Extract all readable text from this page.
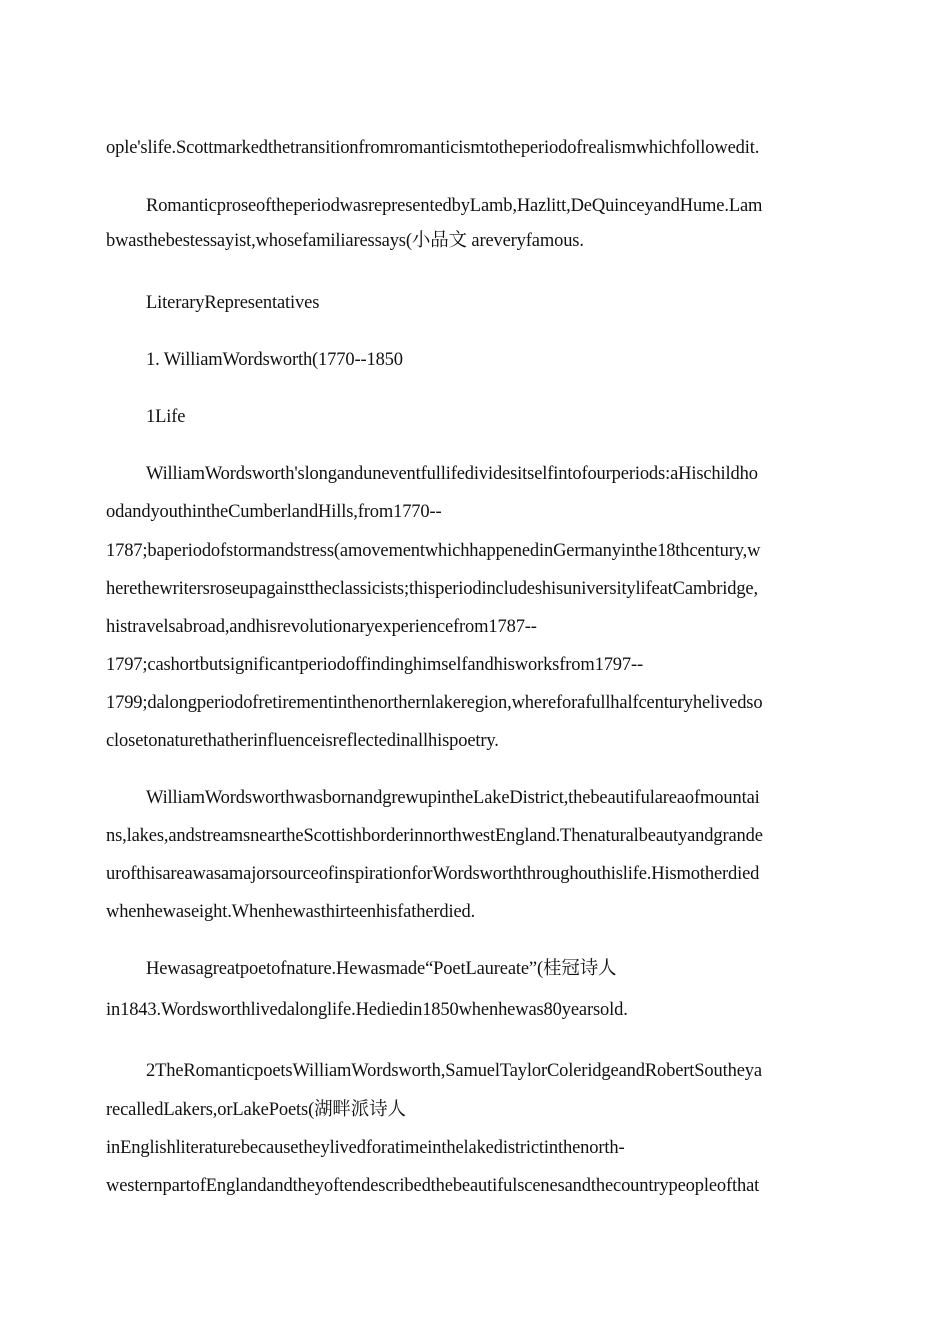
ople'slife.Scottmarkedthetransitionfromromanticismtotheperiodofrealismwhichfollowedit.
RomanticproseoftheperiodwasrepresentedbyLamb,Hazlitt,DeQuinceyandHume.Lam
bwasthebestessayist,whosefamiliaressays(小品文 areveryfamous.
LiteraryRepresentatives
1. WilliamWordsworth(1770--1850
1Life
WilliamWordsworth'slongandun​eventfullifedividesitselfintofourperiods:aHischildho
odandyouthintheCumberlandHills,from1770--
1787;baperiodofstormandstress(amovementwhichhappenedinGermanyinthe18thcentury,w
herethewritersroseupagainsttheclassicists;thisperiodincludeshisuniversitylifeatCambridge,
histravelsabroad,andhisrevolutionaryexperiencefrom1787--
1797;cashortbutsignificantperiodoffindinghimselfandhisworksfrom1797--
1799;dalongperiodofretirementinthenorthernlakeregion,whereforafullhalfcenturyhelivedso
closetonaturethatherinfluenceisreflectedinallhispoetry.
WilliamWordsworthwasbornandgrewupintheLakeDistrict,thebeautifulareaofmountai
ns,lakes,andstreamsneartheScottishborderinnorthwestEngland.Thenaturalbeautyandgrande
urofthisareawasamajorsourceofinspirationforWordsworththroughouthislife.Hismotherdied
whenhewaseight.Whenhewasthirteenhisfatherdied.
Hewasagreatpoetofnature.Hewasmade“PoetLaureate”(桂冠诗人
in1843.Wordsworthlivedalonglife.Hediedin1850whenhewas80yearsold.
2TheRomanticpoetsWilliamWordsworth,SamuelTaylorColeridgeandRobertSoutheya
recalledLakers,orLakePoets(湖畔派诗人
inEnglishliteraturebecausetheylivedforatimeinthelakedistrictinthenorth-
westernpartofEnglandandtheyoftendescribedthebeautifulscenesandthecountrypeopleofthat
